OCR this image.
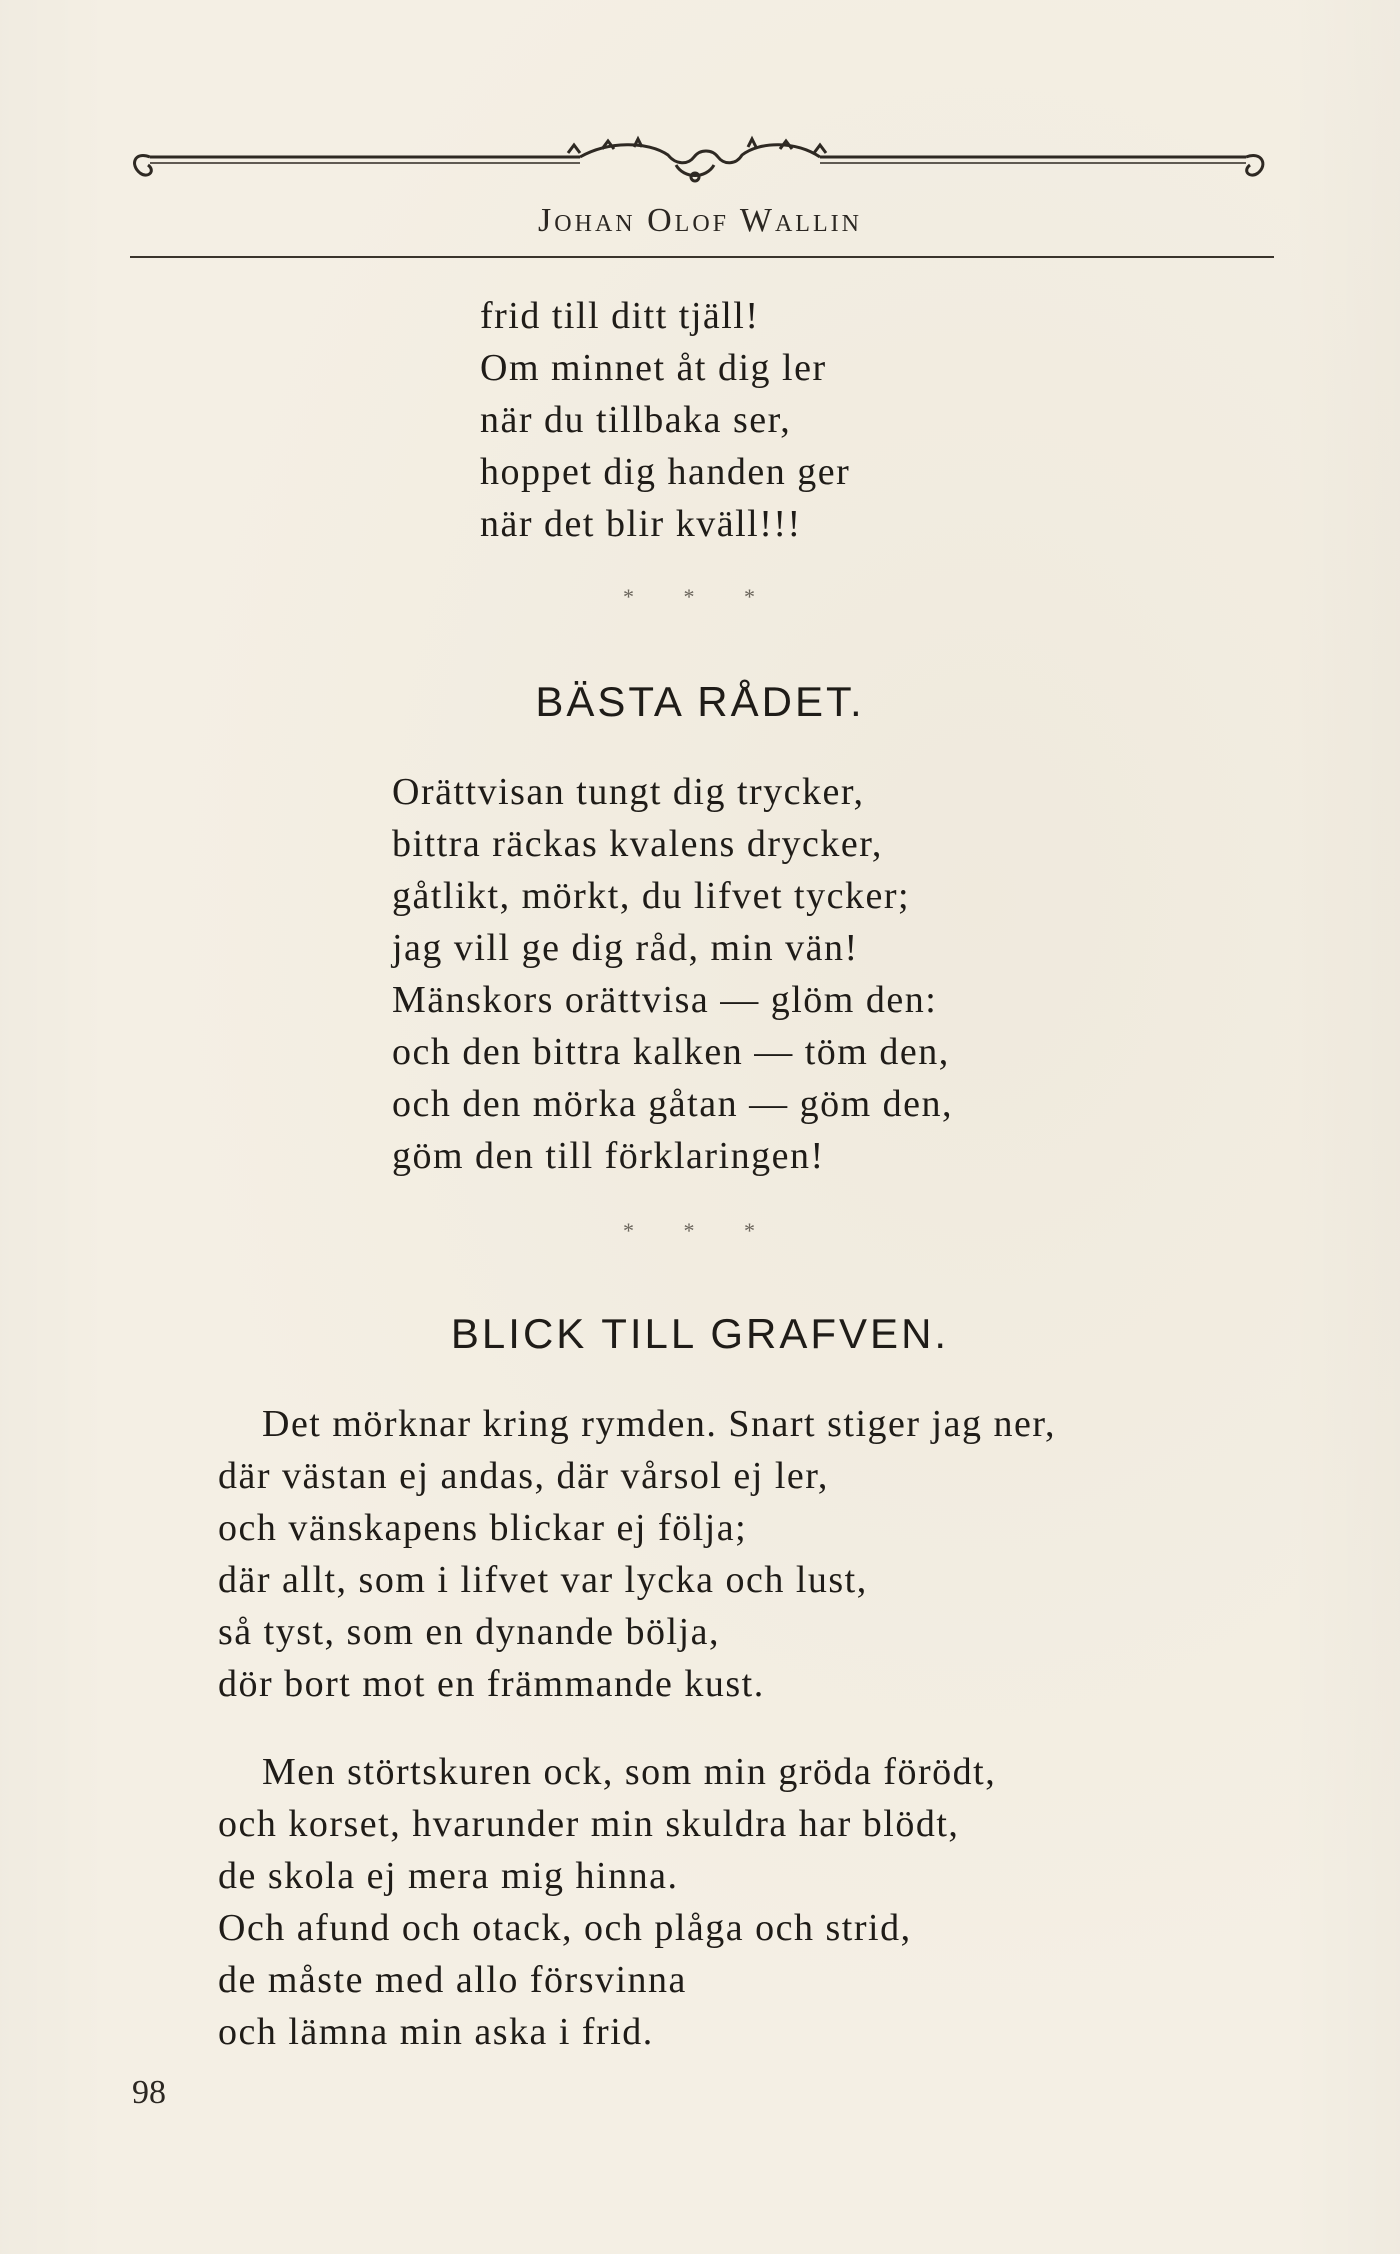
Johan Olof Wallin
frid till ditt tjäll!
Om minnet åt dig ler
när du tillbaka ser,
hoppet dig handen ger
när det blir kväll!!!
* * *
BÄSTA RÅDET.
Orättvisan tungt dig trycker,
bittra räckas kvalens drycker,
gåtlikt, mörkt, du lifvet tycker;
jag vill ge dig råd, min vän!
Mänskors orättvisa — glöm den:
och den bittra kalken — töm den,
och den mörka gåtan — göm den,
göm den till förklaringen!
* * *
BLICK TILL GRAFVEN.
Det mörknar kring rymden. Snart stiger jag ner,
där västan ej andas, där vårsol ej ler,
och vänskapens blickar ej följa;
där allt, som i lifvet var lycka och lust,
så tyst, som en dynande bölja,
dör bort mot en främmande kust.
Men störtskuren ock, som min gröda förödt,
och korset, hvarunder min skuldra har blödt,
de skola ej mera mig hinna.
Och afund och otack, och plåga och strid,
de måste med allo försvinna
och lämna min aska i frid.
98
